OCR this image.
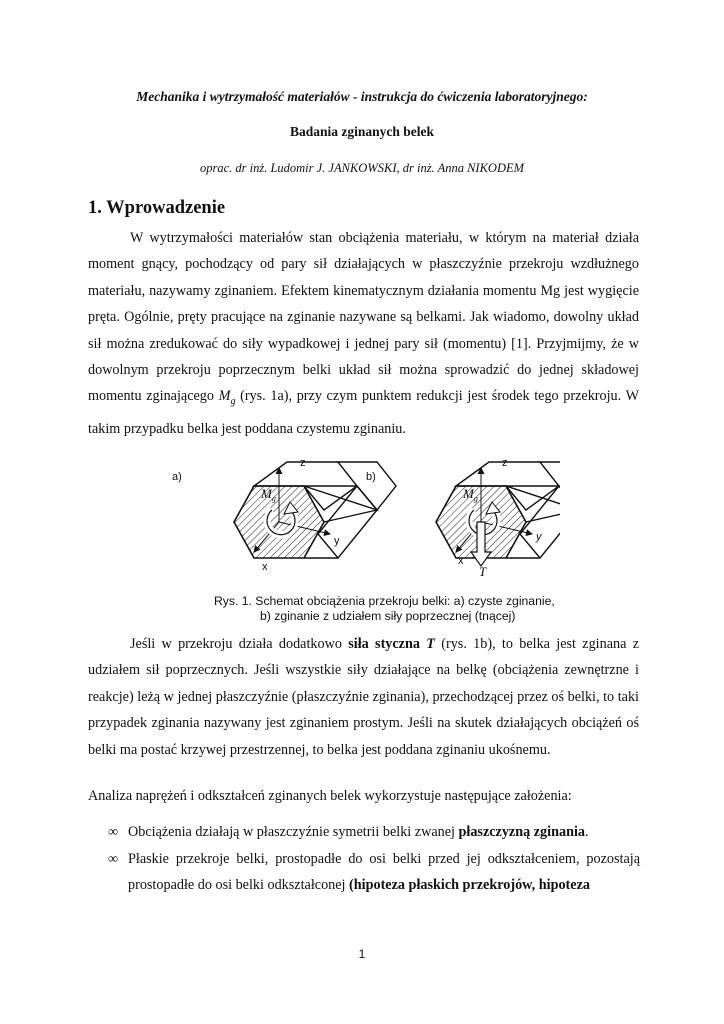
Mechanika i wytrzymałość materiałów - instrukcja do ćwiczenia laboratoryjnego:
Badania zginanych belek
oprac. dr inż. Ludomir J. JANKOWSKI, dr inż. Anna NIKODEM
1. Wprowadzenie

W wytrzymałości materiałów stan obciążenia materiału, w którym na materiał działa moment gnący, pochodzący od pary sił działających w płaszczyźnie przekroju wzdłużnego materiału, nazywamy zginaniem. Efektem kinematycznym działania momentu Mg jest wygięcie pręta. Ogólnie, pręty pracujące na zginanie nazywane są belkami. Jak wiadomo, dowolny układ sił można zredukować do siły wypadkowej i jednej pary sił (momentu) [1]. Przyjmijmy, że w dowolnym przekroju poprzecznym belki układ sił można sprowadzić do jednej składowej momentu zginającego $M_g$ (rys. 1a), przy czym punktem redukcji jest środek tego przekroju. W takim przypadku belka jest poddana czystemu zginaniu.

z
y
x
$M_g$
a)
z
y
x
T
$M_g$
b)
Rys. 1. Schemat obciążenia przekroju belki: a) czyste zginanie,
b) zginanie z udziałem siły poprzecznej (tnącej)

Jeśli w przekroju działa dodatkowo siła styczna T (rys. 1b), to belka jest zginana z udziałem sił poprzecznych. Jeśli wszystkie siły działające na belkę (obciążenia zewnętrzne i reakcje) leżą w jednej płaszczyźnie (płaszczyźnie zginania), przechodzącej przez oś belki, to taki przypadek zginania nazywany jest zginaniem prostym. Jeśli na skutek działających obciążeń oś belki ma postać krzywej przestrzennej, to belka jest poddana zginaniu ukośnemu.

Analiza naprężeń i odkształceń zginanych belek wykorzystuje następujące założenia:

∞ Obciążenia działają w płaszczyźnie symetrii belki zwanej płaszczyzną zginania.
∞ Płaskie przekroje belki, prostopadłe do osi belki przed jej odkształceniem, pozostają prostopadłe do osi belki odkształconej (hipoteza płaskich przekrojów, hipoteza
1
